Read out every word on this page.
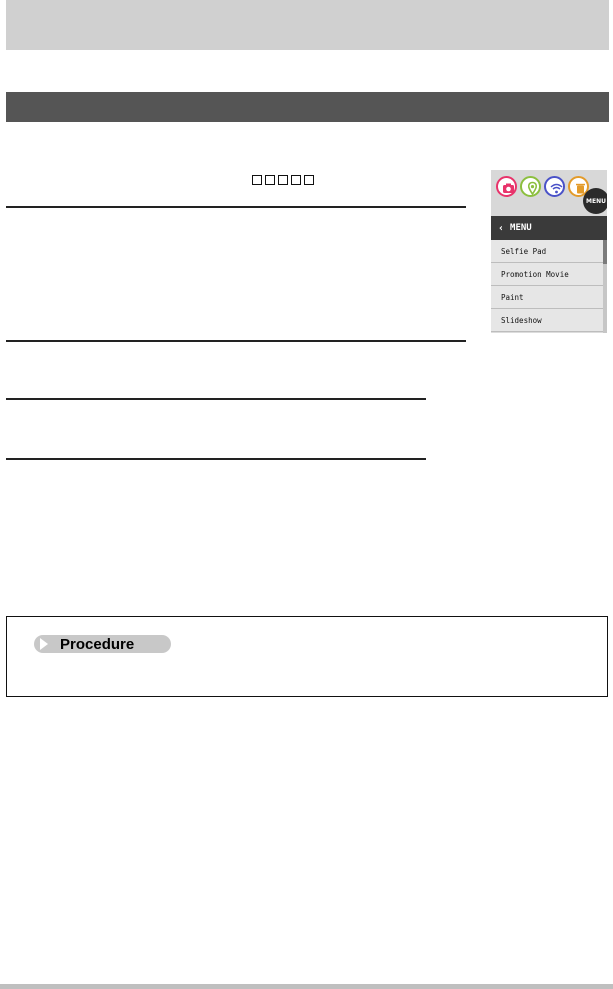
MENU
‹ MENU
Selfie Pad
Promotion Movie
Paint
Slideshow
Procedure
